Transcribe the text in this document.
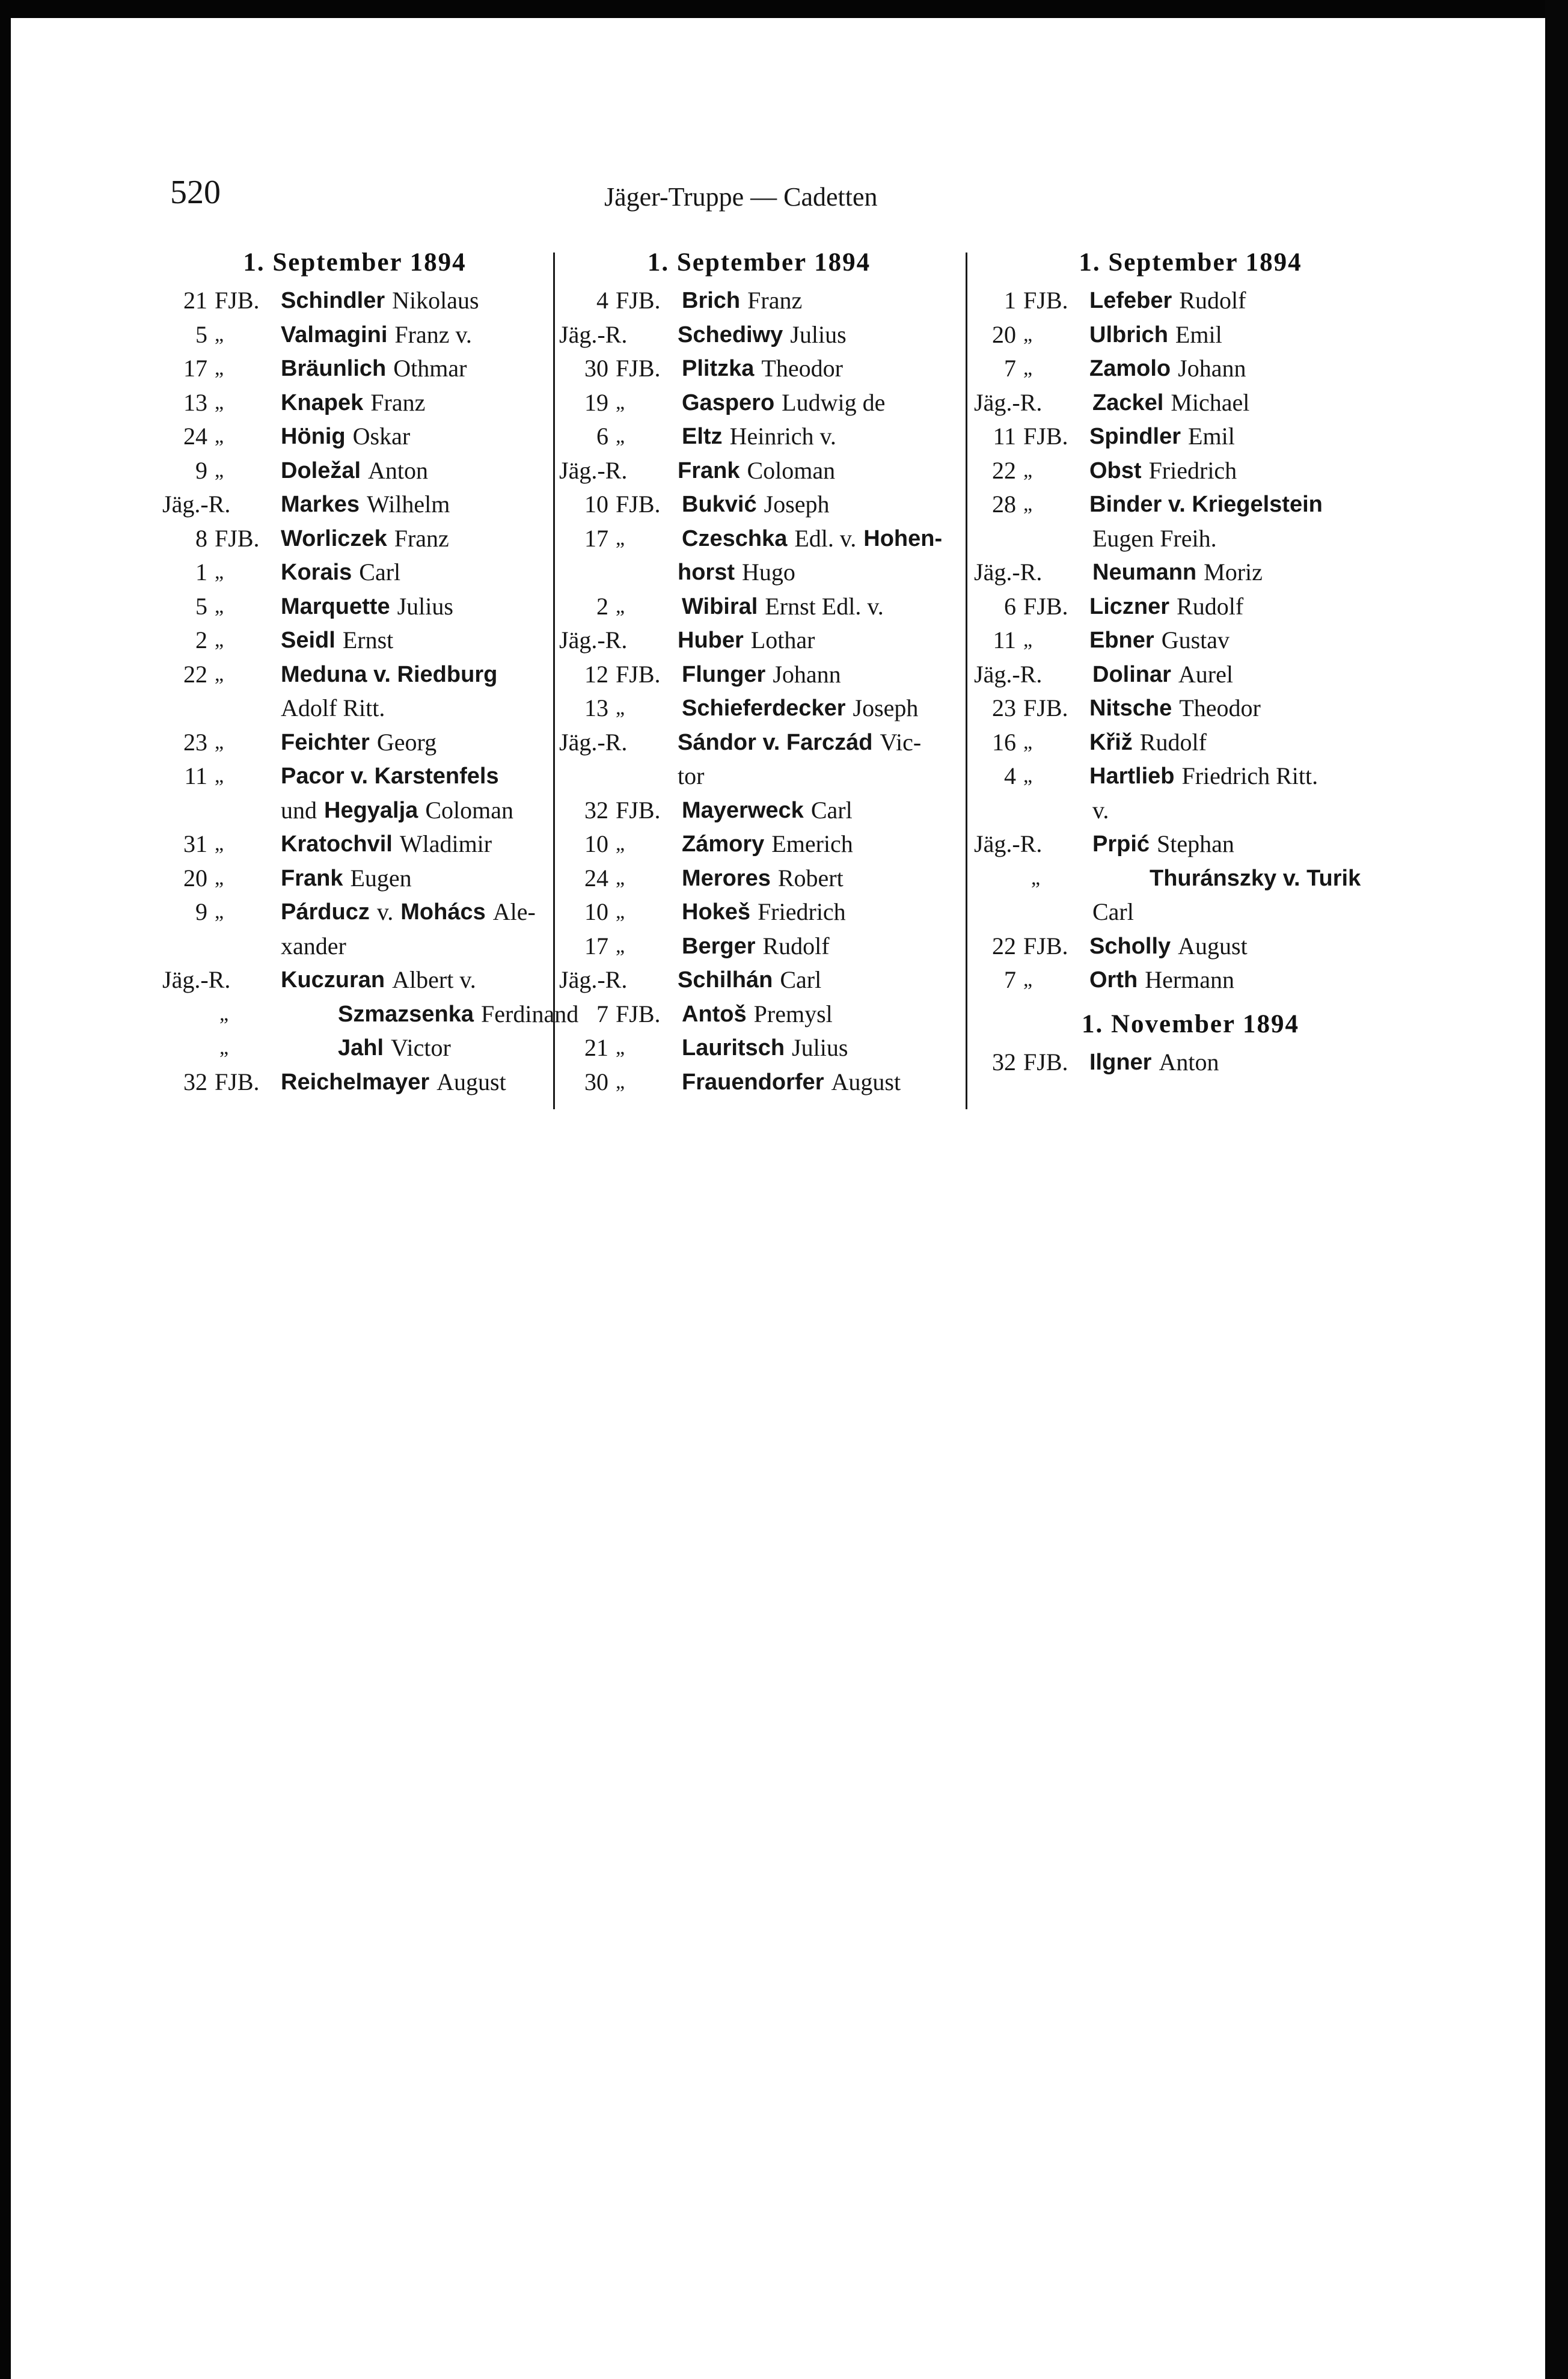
520	Jäger-Truppe — Cadetten
1. September 1894
21 FJB. Schindler Nikolaus
5 „	Valmagini Franz v.
17 „	Bräunlich Othmar
13 „	Knapek Franz
24 „	Hönig Oskar
9 „	Doležal Anton
Jäg.-R.	Markes Wilhelm
8 FJB. Worliczek Franz
1 „	Korais Carl
5 „	Marquette Julius
2 „	Seidl Ernst
22 „	Meduna v. Riedburg
Adolf Ritt.
23 „	Feichter Georg
11 „	Pacor v. Karstenfels
und Hegyalja Coloman
31 „	Kratochvil Wladimir
20 „	Frank Eugen
9 „	Párducz v. Mohács Ale-
xander
Jäg.-R.	Kuczuran Albert v.
„	Szmazsenka Ferdinand
„	Jahl Victor
32 FJB. Reichelmayer August
1. September 1894
4 FJB. Brich Franz
Jäg.-R.	Schediwy Julius
30 FJB. Plitzka Theodor
19 „	Gaspero Ludwig de
6 „	Eltz Heinrich v.
Jäg.-R.	Frank Coloman
10 FJB. Bukvić Joseph
17 „	Czeschka Edl. v. Hohen-
horst Hugo
2 „	Wibiral Ernst Edl. v.
Jäg.-R.	Huber Lothar
12 FJB. Flunger Johann
13 „	Schieferdecker Joseph
Jäg.-R.	Sándor v. Farczád Vic-
tor
32 FJB. Mayerweck Carl
10 „	Zámory Emerich
24 „	Merores Robert
10 „	Hokeš Friedrich
17 „	Berger Rudolf
Jäg.-R.	Schilhán Carl
7 FJB. Antoš Premysl
21 „	Lauritsch Julius
30 „	Frauendorfer August
1. September 1894
1 FJB. Lefeber Rudolf
20 „	Ulbrich Emil
7 „	Zamolo Johann
Jäg.-R.	Zackel Michael
11 FJB. Spindler Emil
22 „	Obst Friedrich
28 „	Binder v. Kriegelstein
Eugen Freih.
Jäg.-R.	Neumann Moriz
6 FJB. Liczner Rudolf
11 „	Ebner Gustav
Jäg.-R.	Dolinar Aurel
23 FJB. Nitsche Theodor
16 „	Křiž Rudolf
4 „	Hartlieb Friedrich Ritt.
v.
Jäg.-R.	Prpić Stephan
„	Thuránszky v. Turik
Carl
22 FJB. Scholly August
7 „	Orth Hermann
1. November 1894
32 FJB. Ilgner Anton
